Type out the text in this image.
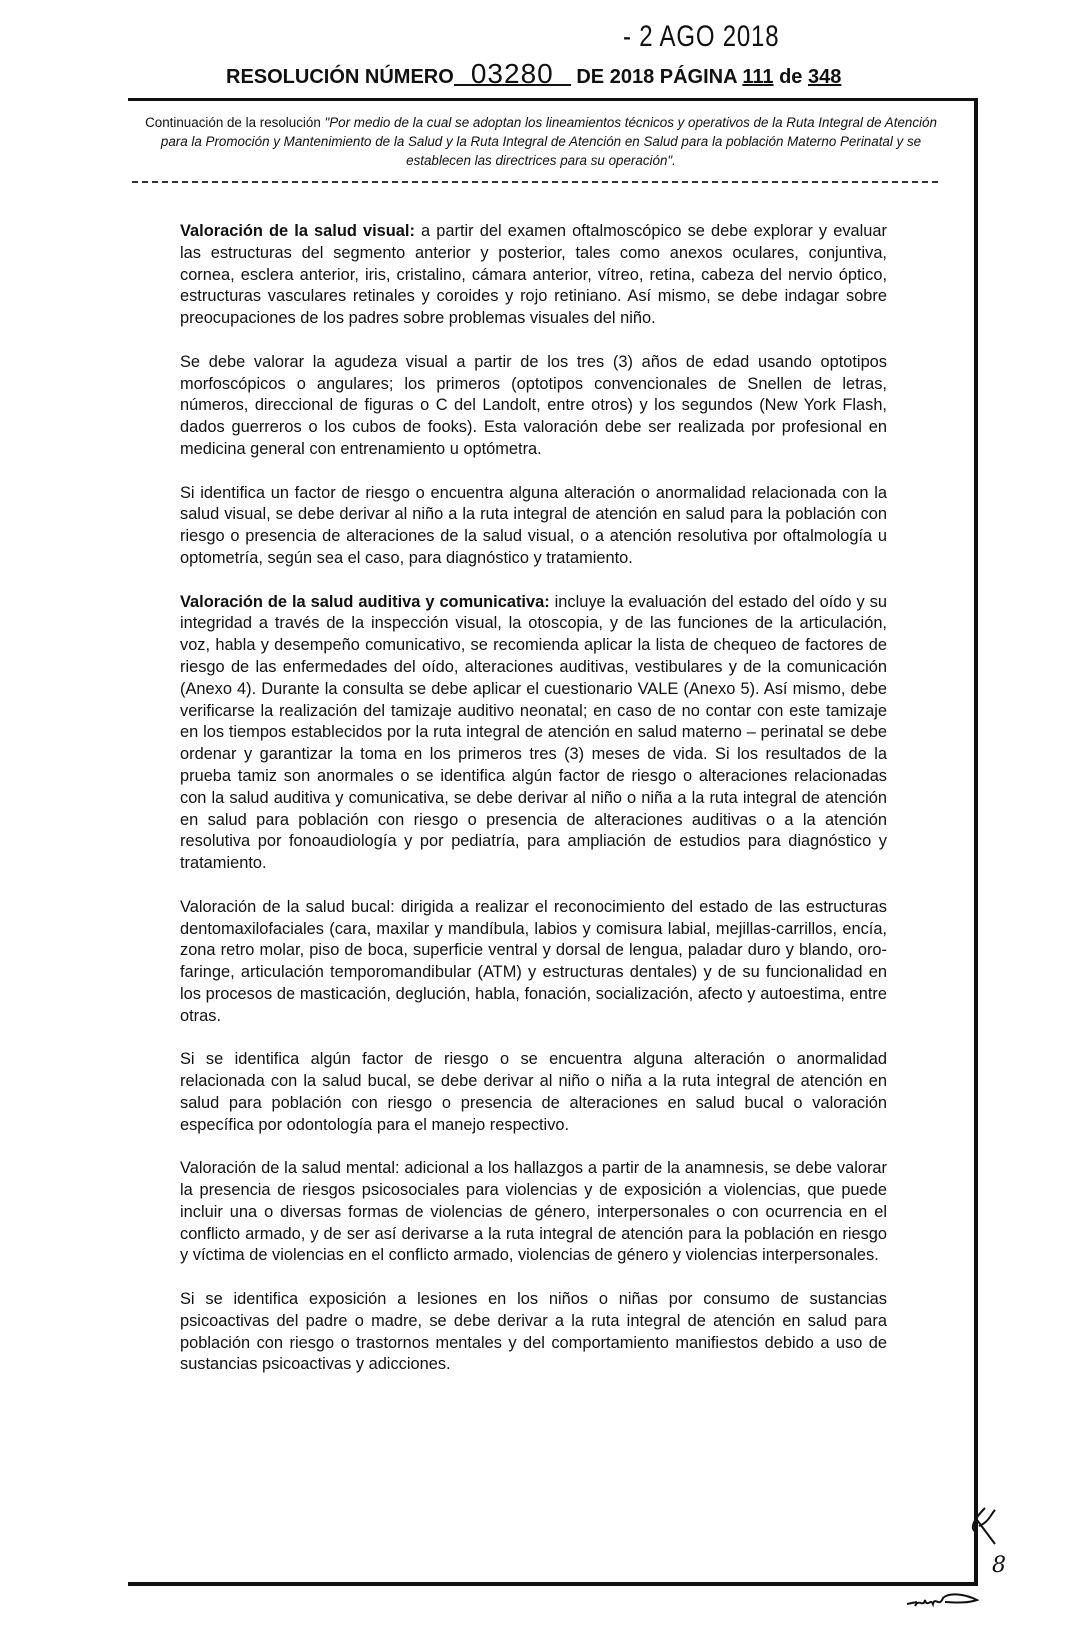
- 2 AGO 2018
RESOLUCIÓN NÚMERO 03280 DE 2018 PÁGINA 111 de 348
Continuación de la resolución "Por medio de la cual se adoptan los lineamientos técnicos y operativos de la Ruta Integral de Atención para la Promoción y Mantenimiento de la Salud y la Ruta Integral de Atención en Salud para la población Materno Perinatal y se establecen las directrices para su operación".

Valoración de la salud visual: a partir del examen oftalmoscópico se debe explorar y evaluar las estructuras del segmento anterior y posterior, tales como anexos oculares, conjuntiva, cornea, esclera anterior, iris, cristalino, cámara anterior, vítreo, retina, cabeza del nervio óptico, estructuras vasculares retinales y coroides y rojo retiniano. Así mismo, se debe indagar sobre preocupaciones de los padres sobre problemas visuales del niño.

Se debe valorar la agudeza visual a partir de los tres (3) años de edad usando optotipos morfoscópicos o angulares; los primeros (optotipos convencionales de Snellen de letras, números, direccional de figuras o C del Landolt, entre otros) y los segundos (New York Flash, dados guerreros o los cubos de fooks). Esta valoración debe ser realizada por profesional en medicina general con entrenamiento u optómetra.

Si identifica un factor de riesgo o encuentra alguna alteración o anormalidad relacionada con la salud visual, se debe derivar al niño a la ruta integral de atención en salud para la población con riesgo o presencia de alteraciones de la salud visual, o a atención resolutiva por oftalmología u optometría, según sea el caso, para diagnóstico y tratamiento.

Valoración de la salud auditiva y comunicativa: incluye la evaluación del estado del oído y su integridad a través de la inspección visual, la otoscopia, y de las funciones de la articulación, voz, habla y desempeño comunicativo, se recomienda aplicar la lista de chequeo de factores de riesgo de las enfermedades del oído, alteraciones auditivas, vestibulares y de la comunicación (Anexo 4). Durante la consulta se debe aplicar el cuestionario VALE (Anexo 5). Así mismo, debe verificarse la realización del tamizaje auditivo neonatal; en caso de no contar con este tamizaje en los tiempos establecidos por la ruta integral de atención en salud materno – perinatal se debe ordenar y garantizar la toma en los primeros tres (3) meses de vida. Si los resultados de la prueba tamiz son anormales o se identifica algún factor de riesgo o alteraciones relacionadas con la salud auditiva y comunicativa, se debe derivar al niño o niña a la ruta integral de atención en salud para población con riesgo o presencia de alteraciones auditivas o a la atención resolutiva por fonoaudiología y por pediatría, para ampliación de estudios para diagnóstico y tratamiento.

Valoración de la salud bucal: dirigida a realizar el reconocimiento del estado de las estructuras dentomaxilofaciales (cara, maxilar y mandíbula, labios y comisura labial, mejillas-carrillos, encía, zona retro molar, piso de boca, superficie ventral y dorsal de lengua, paladar duro y blando, oro-faringe, articulación temporomandibular (ATM) y estructuras dentales) y de su funcionalidad en los procesos de masticación, deglución, habla, fonación, socialización, afecto y autoestima, entre otras.

Si se identifica algún factor de riesgo o se encuentra alguna alteración o anormalidad relacionada con la salud bucal, se debe derivar al niño o niña a la ruta integral de atención en salud para población con riesgo o presencia de alteraciones en salud bucal o valoración específica por odontología para el manejo respectivo.

Valoración de la salud mental: adicional a los hallazgos a partir de la anamnesis, se debe valorar la presencia de riesgos psicosociales para violencias y de exposición a violencias, que puede incluir una o diversas formas de violencias de género, interpersonales o con ocurrencia en el conflicto armado, y de ser así derivarse a la ruta integral de atención para la población en riesgo y víctima de violencias en el conflicto armado, violencias de género y violencias interpersonales.

Si se identifica exposición a lesiones en los niños o niñas por consumo de sustancias psicoactivas del padre o madre, se debe derivar a la ruta integral de atención en salud para población con riesgo o trastornos mentales y del comportamiento manifiestos debido a uso de sustancias psicoactivas y adicciones.

8
